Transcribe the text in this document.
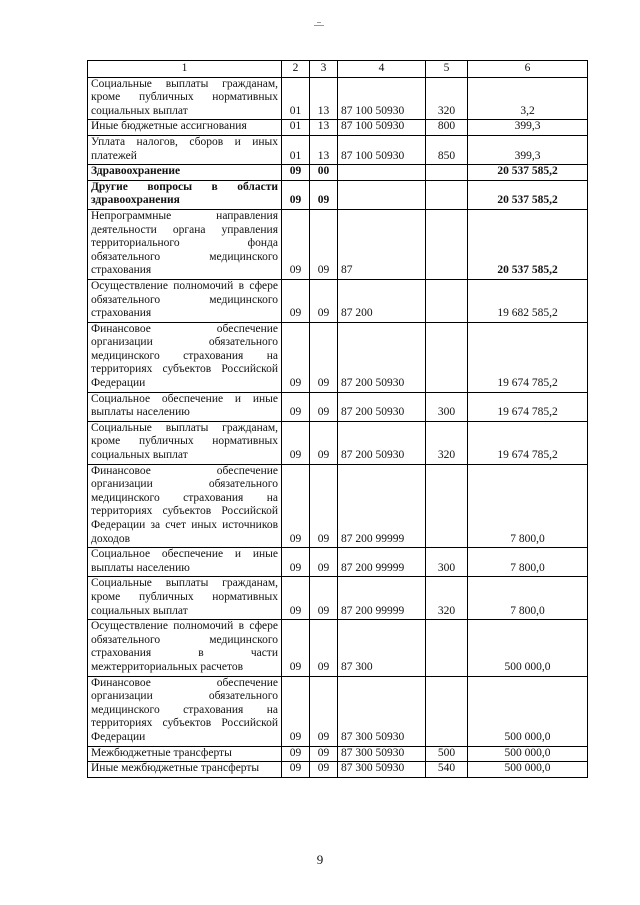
1	2	3	4	5	6
Социальные выплаты гражданам, кроме публичных нормативных социальных выплат	01	13	87 100 50930	320	3,2
Иные бюджетные ассигнования	01	13	87 100 50930	800	399,3
Уплата налогов, сборов и иных платежей	01	13	87 100 50930	850	399,3
Здравоохранение	09	00			20 537 585,2
Другие вопросы в области здравоохранения	09	09			20 537 585,2
Непрограммные направления деятельности органа управления территориального фонда обязательного медицинского страхования	09	09	87		20 537 585,2
Осуществление полномочий в сфере обязательного медицинского страхования	09	09	87 200		19 682 585,2
Финансовое обеспечение организации обязательного медицинского страхования на территориях субъектов Российской Федерации	09	09	87 200 50930		19 674 785,2
Социальное обеспечение и иные выплаты населению	09	09	87 200 50930	300	19 674 785,2
Социальные выплаты гражданам, кроме публичных нормативных социальных выплат	09	09	87 200 50930	320	19 674 785,2
Финансовое обеспечение организации обязательного медицинского страхования на территориях субъектов Российской Федерации за счет иных источников доходов	09	09	87 200 99999		7 800,0
Социальное обеспечение и иные выплаты населению	09	09	87 200 99999	300	7 800,0
Социальные выплаты гражданам, кроме публичных нормативных социальных выплат	09	09	87 200 99999	320	7 800,0
Осуществление полномочий в сфере обязательного медицинского страхования в части межтерриториальных расчетов	09	09	87 300		500 000,0
Финансовое обеспечение организации обязательного медицинского страхования на территориях субъектов Российской Федерации	09	09	87 300 50930		500 000,0
Межбюджетные трансферты	09	09	87 300 50930	500	500 000,0
Иные межбюджетные трансферты	09	09	87 300 50930	540	500 000,0
9
